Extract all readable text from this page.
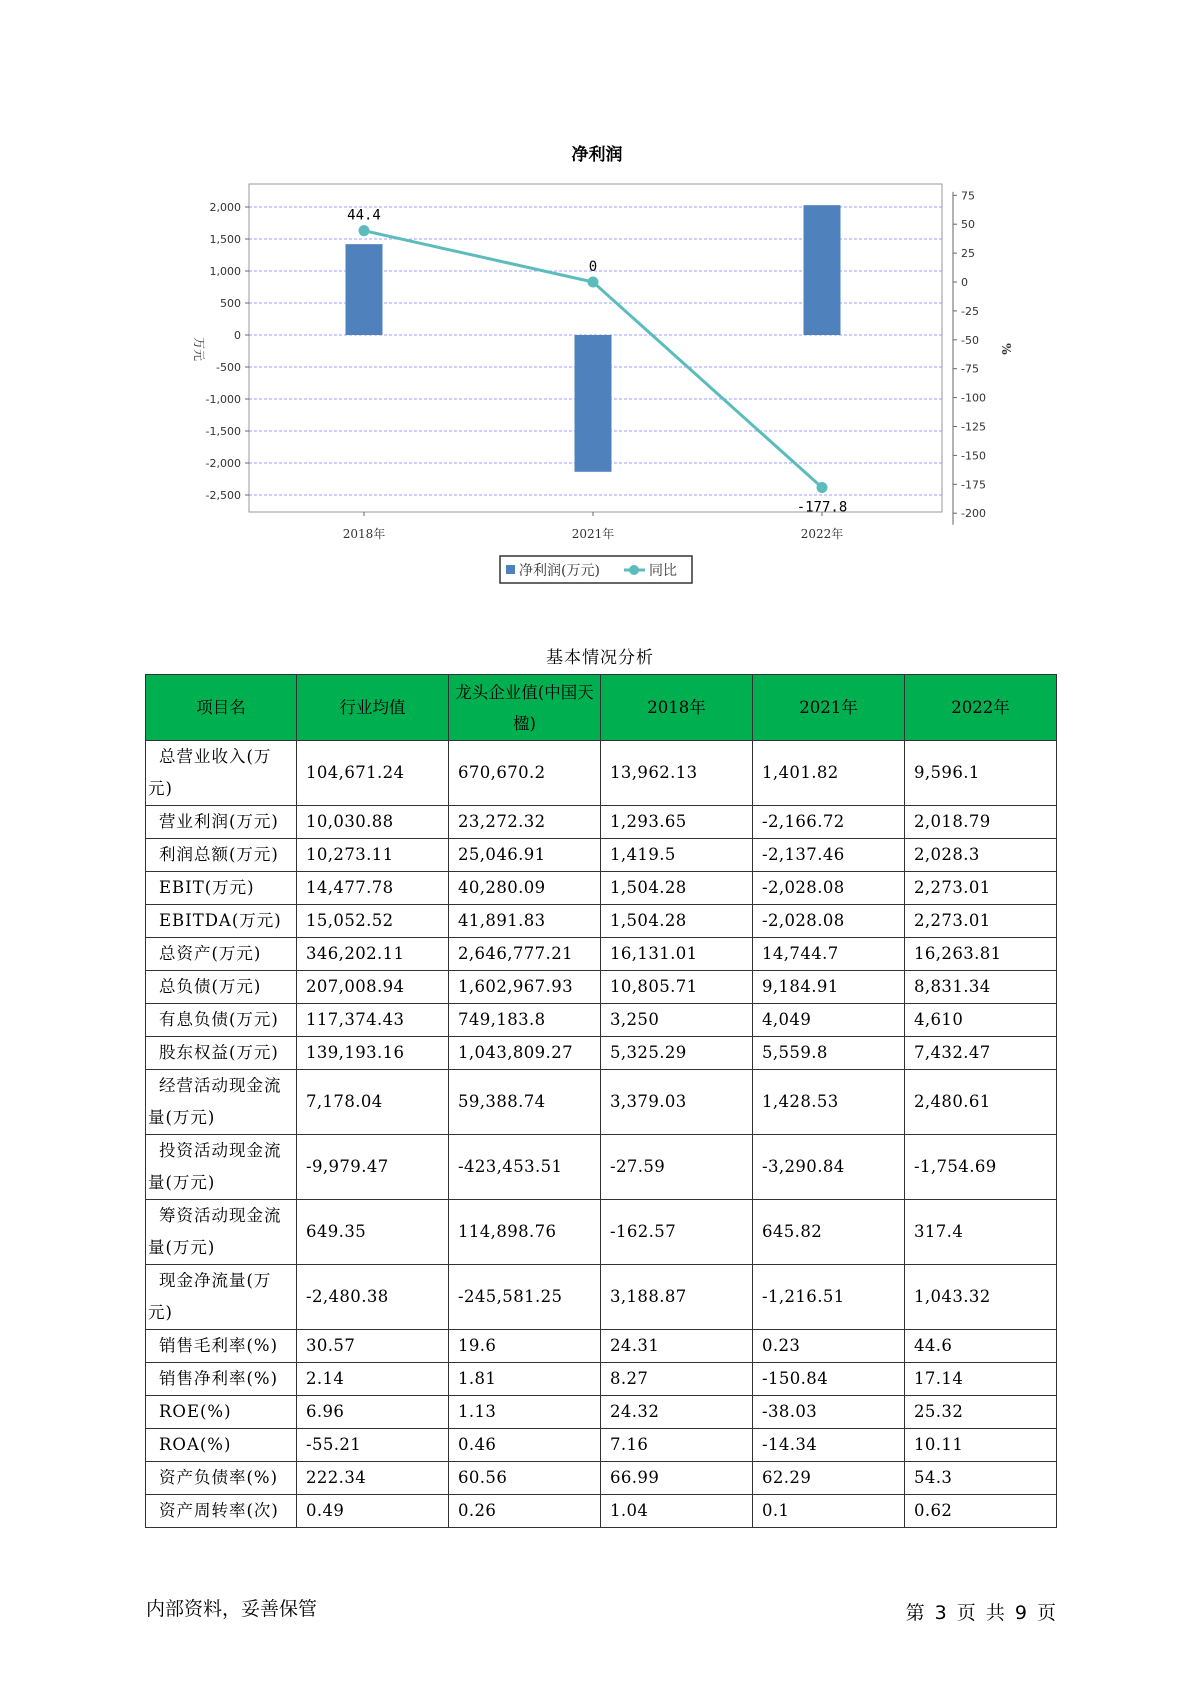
净利润
2,000
1,500
1,000
500
0
-500
-1,000
-1,500
-2,000
-2,500
75
50
25
0
-25
-50
-75
-100
-125
-150
-175
-200
44.4
0
-177.8
2018年	2021年	2022年
万元	%
净利润(万元)	同比
基本情况分析
项目名	行业均值	龙头企业值(中国天楹)	2018年	2021年	2022年
总营业收入(万元)	104,671.24	670,670.2	13,962.13	1,401.82	9,596.1
营业利润(万元)	10,030.88	23,272.32	1,293.65	-2,166.72	2,018.79
利润总额(万元)	10,273.11	25,046.91	1,419.5	-2,137.46	2,028.3
EBIT(万元)	14,477.78	40,280.09	1,504.28	-2,028.08	2,273.01
EBITDA(万元)	15,052.52	41,891.83	1,504.28	-2,028.08	2,273.01
总资产(万元)	346,202.11	2,646,777.21	16,131.01	14,744.7	16,263.81
总负债(万元)	207,008.94	1,602,967.93	10,805.71	9,184.91	8,831.34
有息负债(万元)	117,374.43	749,183.8	3,250	4,049	4,610
股东权益(万元)	139,193.16	1,043,809.27	5,325.29	5,559.8	7,432.47
经营活动现金流量(万元)	7,178.04	59,388.74	3,379.03	1,428.53	2,480.61
投资活动现金流量(万元)	-9,979.47	-423,453.51	-27.59	-3,290.84	-1,754.69
筹资活动现金流量(万元)	649.35	114,898.76	-162.57	645.82	317.4
现金净流量(万元)	-2,480.38	-245,581.25	3,188.87	-1,216.51	1,043.32
销售毛利率(%)	30.57	19.6	24.31	0.23	44.6
销售净利率(%)	2.14	1.81	8.27	-150.84	17.14
ROE(%)	6.96	1.13	24.32	-38.03	25.32
ROA(%)	-55.21	0.46	7.16	-14.34	10.11
资产负债率(%)	222.34	60.56	66.99	62.29	54.3
资产周转率(次)	0.49	0.26	1.04	0.1	0.62
内部资料，妥善保管	第 3 页 共 9 页
